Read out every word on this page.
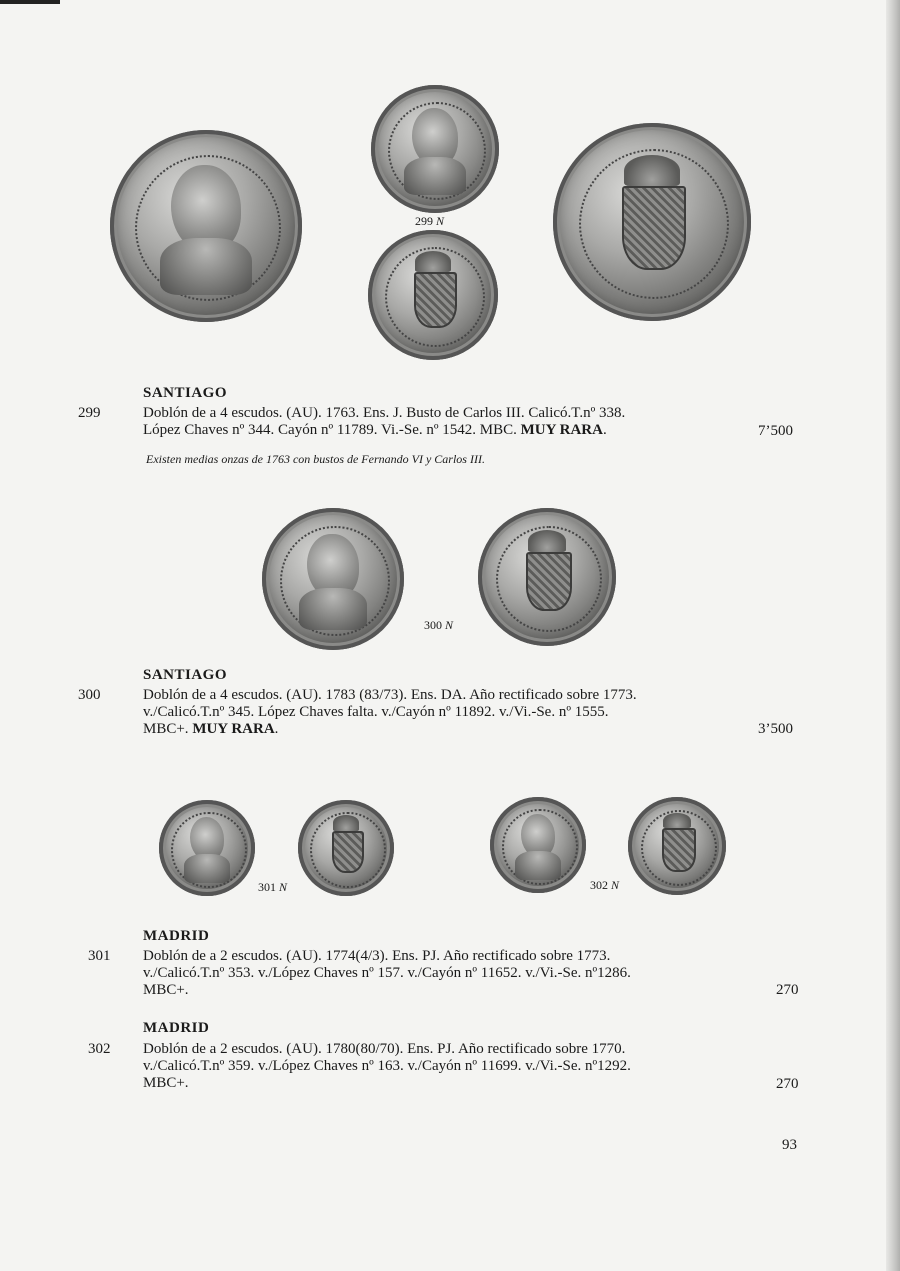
299 N
SANTIAGO
299	Doblón de a 4 escudos. (AU). 1763. Ens. J. Busto de Carlos III. Calicó.T.nº 338.
López Chaves nº 344. Cayón nº 11789. Vi.-Se. nº 1542. MBC. MUY RARA.	7’500
Existen medias onzas de 1763 con bustos de Fernando VI y Carlos III.
300 N
SANTIAGO
300	Doblón de a 4 escudos. (AU). 1783 (83/73). Ens. DA. Año rectificado sobre 1773.
v./Calicó.T.nº 345. López Chaves falta. v./Cayón nº 11892. v./Vi.-Se. nº 1555.
MBC+. MUY RARA.	3’500
301 N	302 N
MADRID
301 Doblón de a 2 escudos. (AU). 1774(4/3). Ens. PJ. Año rectificado sobre 1773.
v./Calicó.T.nº 353. v./López Chaves nº 157. v./Cayón nº 11652. v./Vi.-Se. nº1286.
MBC+.	270
MADRID
302 Doblón de a 2 escudos. (AU). 1780(80/70). Ens. PJ. Año rectificado sobre 1770.
v./Calicó.T.nº 359. v./López Chaves nº 163. v./Cayón nº 11699. v./Vi.-Se. nº1292.
MBC+.	270
93
